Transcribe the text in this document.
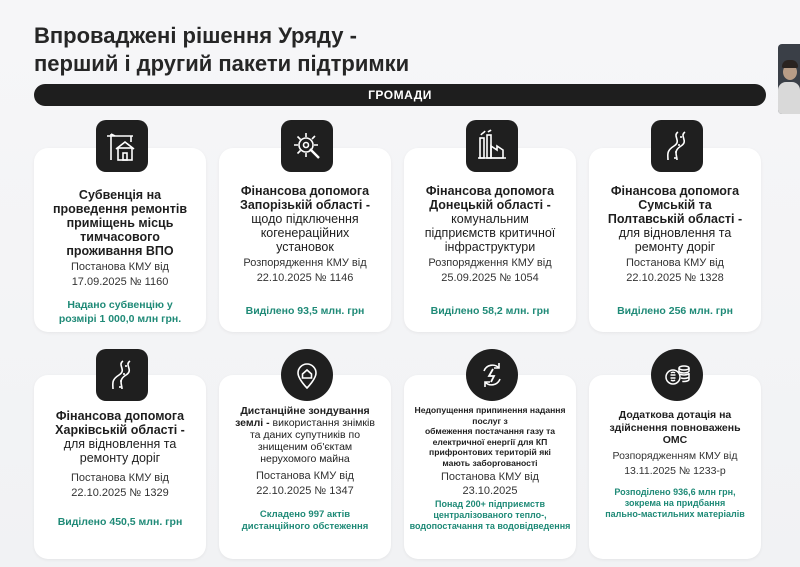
Впроваджені рішення Уряду -
перший і другий пакети підтримки
ГРОМАДИ
Субвенція на
проведення ремонтів
приміщень місць
тимчасового
проживання ВПО
Постанова КМУ від
17.09.2025 № 1160
Надано субвенцію у
розмірі 1 000,0 млн грн.
Фінансова допомога
Запорізькій області -
щодо підключення
когенераційних
установок
Розпорядження КМУ від
22.10.2025 № 1146
Виділено 93,5 млн. грн
Фінансова допомога
Донецькій області -
комунальним
підприємств критичної
інфраструктури
Розпорядження КМУ від
25.09.2025 № 1054
Виділено 58,2 млн. грн
Фінансова допомога
Сумській та
Полтавській області -
для відновлення та
ремонту доріг
Постанова КМУ від
22.10.2025 № 1328
Виділено 256 млн. грн
Фінансова допомога
Харківській області -
для відновлення та
ремонту доріг
Постанова КМУ від
22.10.2025 № 1329
Виділено 450,5 млн. грн
Дистанційне зондування
землі - використання знімків
та даних супутників по
знищеним об'єктам
нерухомого майна
Постанова КМУ від
22.10.2025 № 1347
Складено 997 актів
дистанційного обстеження
Недопущення припинення надання послуг з
обмеження постачання газу та
електричної енергії для КП
прифронтових територій які
мають заборгованості
Постанова КМУ від
23.10.2025
Понад 200+ підприємств
централізованого тепло-,
водопостачання та водовідведення
Додаткова дотація на
здійснення повноважень
ОМС
Розпорядженням КМУ від
13.11.2025 № 1233-р
Розподілено 936,6 млн грн,
зокрема на придбання
пально-мастильних матеріалів
